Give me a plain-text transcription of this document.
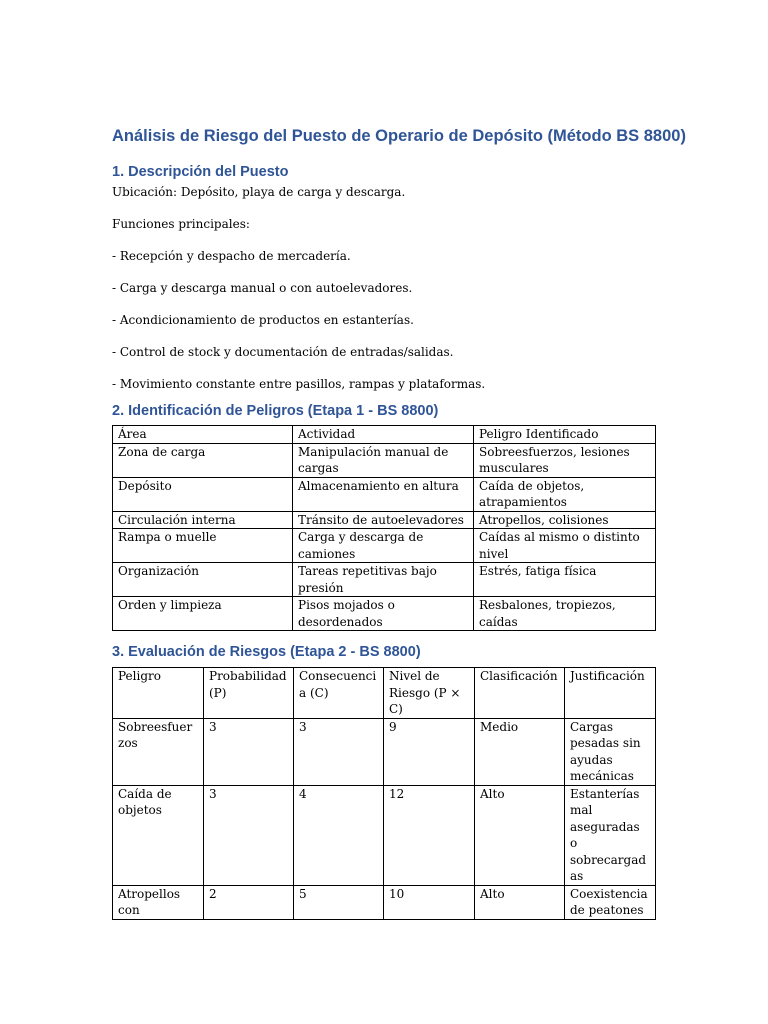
Análisis de Riesgo del Puesto de Operario de Depósito (Método BS 8800)
1. Descripción del Puesto

Ubicación: Depósito, playa de carga y descarga.

Funciones principales:

- Recepción y despacho de mercadería.

- Carga y descarga manual o con autoelevadores.

- Acondicionamiento de productos en estanterías.

- Control de stock y documentación de entradas/salidas.

- Movimiento constante entre pasillos, rampas y plataformas.

2. Identificación de Peligros (Etapa 1 - BS 8800)
Área	Actividad	Peligro Identificado
Zona de carga	Manipulación manual de cargas	Sobreesfuerzos, lesiones musculares
Depósito	Almacenamiento en altura	Caída de objetos, atrapamientos
Circulación interna	Tránsito de autoelevadores	Atropellos, colisiones
Rampa o muelle	Carga y descarga de camiones	Caídas al mismo o distinto nivel
Organización	Tareas repetitivas bajo presión	Estrés, fatiga física
Orden y limpieza	Pisos mojados o desordenados	Resbalones, tropiezos, caídas
3. Evaluación de Riesgos (Etapa 2 - BS 8800)
Peligro	Probabilidad (P)	Consecuencia (C)	Nivel de Riesgo (P × C)	Clasificación	Justificación
Sobreesfuerzos	3	3	9	Medio	Cargas pesadas sin ayudas mecánicas
Caída de objetos	3	4	12	Alto	Estanterías mal aseguradas o sobrecargadas
Atropellos con	2	5	10	Alto	Coexistencia de peatones
